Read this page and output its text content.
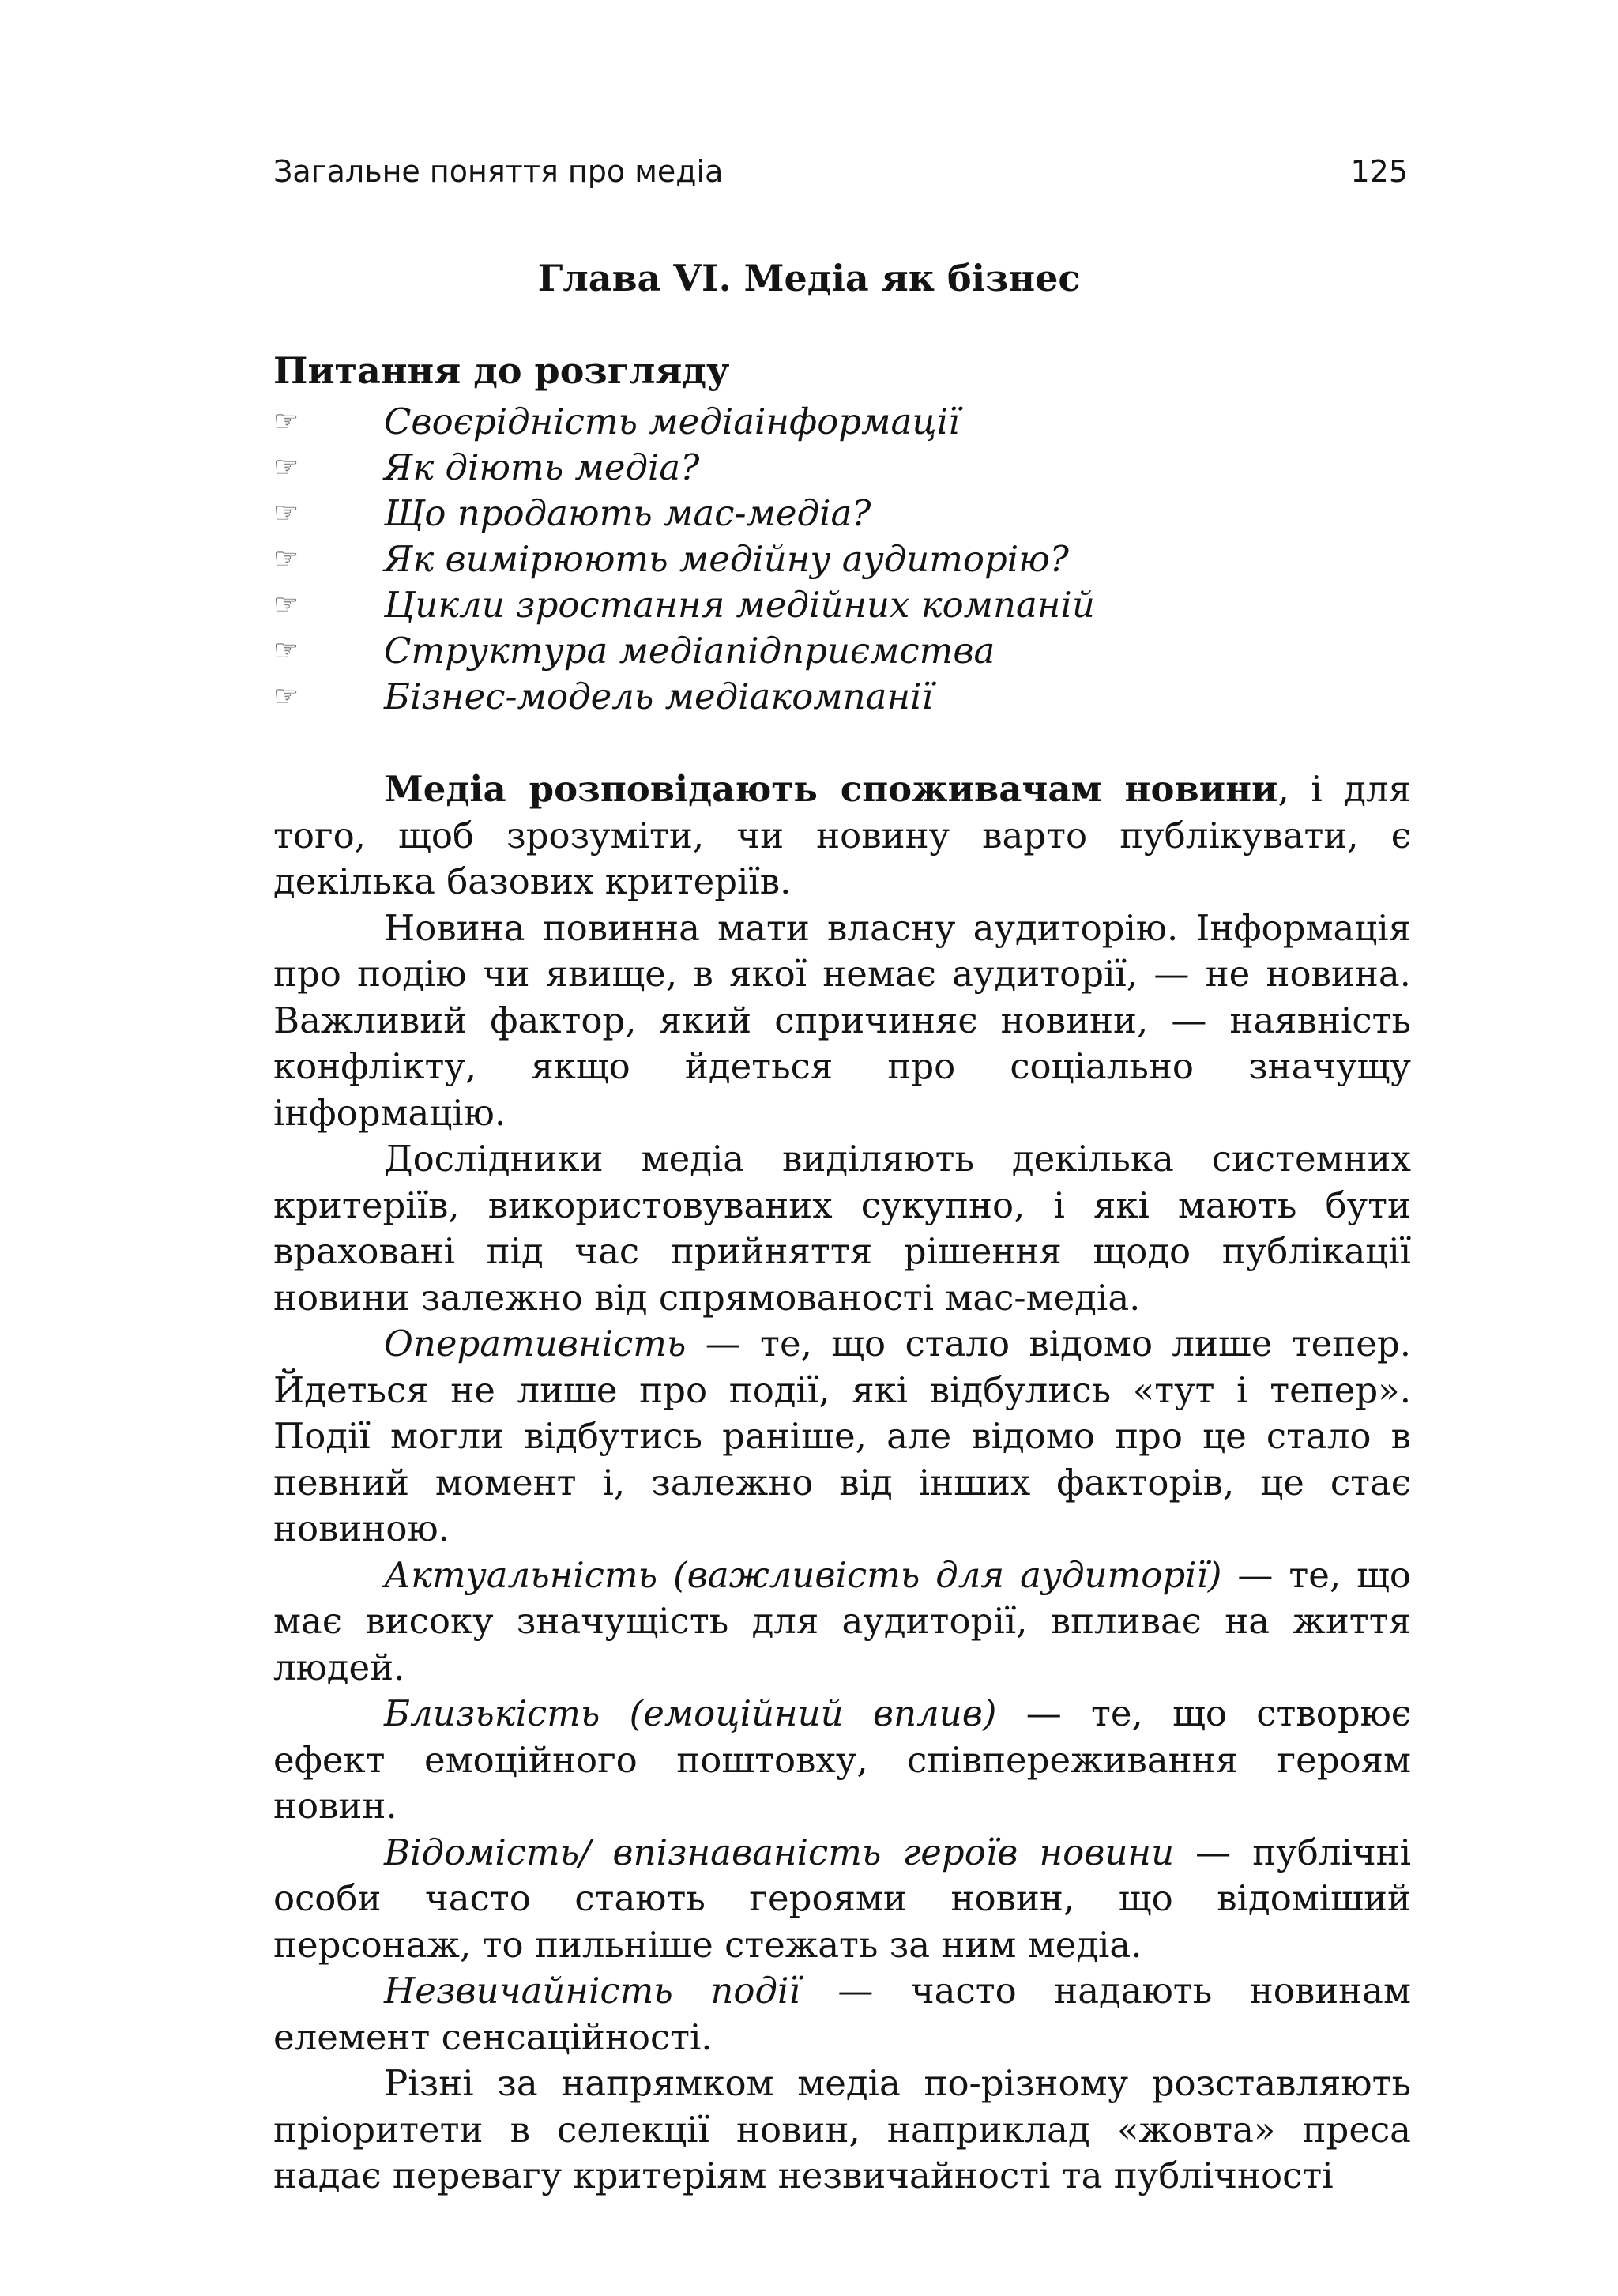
Загальне поняття про медіа	125
Глава VI. Медіа як бізнес
Питання до розгляду
☞	Своєрідність медіаінформації
☞	Як діють медіа?
☞	Що продають мас-медіа?
☞	Як вимірюють медійну аудиторію?
☞	Цикли зростання медійних компаній
☞	Структура медіапідприємства
☞	Бізнес-модель медіакомпанії

Медіа розповідають споживачам новини, і для того, щоб зрозуміти, чи новину варто публікувати, є декілька базових критеріїв.

Новина повинна мати власну аудиторію. Інформація про подію чи явище, в якої немає аудиторії, — не новина. Важливий фактор, який спричиняє новини, — наявність конфлікту, якщо йдеться про соціально значущу інформацію.

Дослідники медіа виділяють декілька системних критеріїв, використовуваних сукупно, і які мають бути враховані під час прийняття рішення щодо публікації новини залежно від спрямованості мас-медіа.

Оперативність — те, що стало відомо лише тепер. Йдеться не лише про події, які відбулись «тут і тепер». Події могли відбутись раніше, але відомо про це стало в певний момент і, залежно від інших факторів, це стає новиною.

Актуальність (важливість для аудиторії) — те, що має високу значущість для аудиторії, впливає на життя людей.

Близькість (емоційний вплив) — те, що створює ефект емоційного поштовху, співпереживання героям новин.

Відомість/ впізнаваність героїв новини — публічні особи часто стають героями новин, що відоміший персонаж, то пильніше стежать за ним медіа.

Незвичайність події — часто надають новинам елемент сенсаційності.

Різні за напрямком медіа по-різному розставляють пріоритети в селекції новин, наприклад «жовта» преса надає перевагу критеріям незвичайності та публічності
